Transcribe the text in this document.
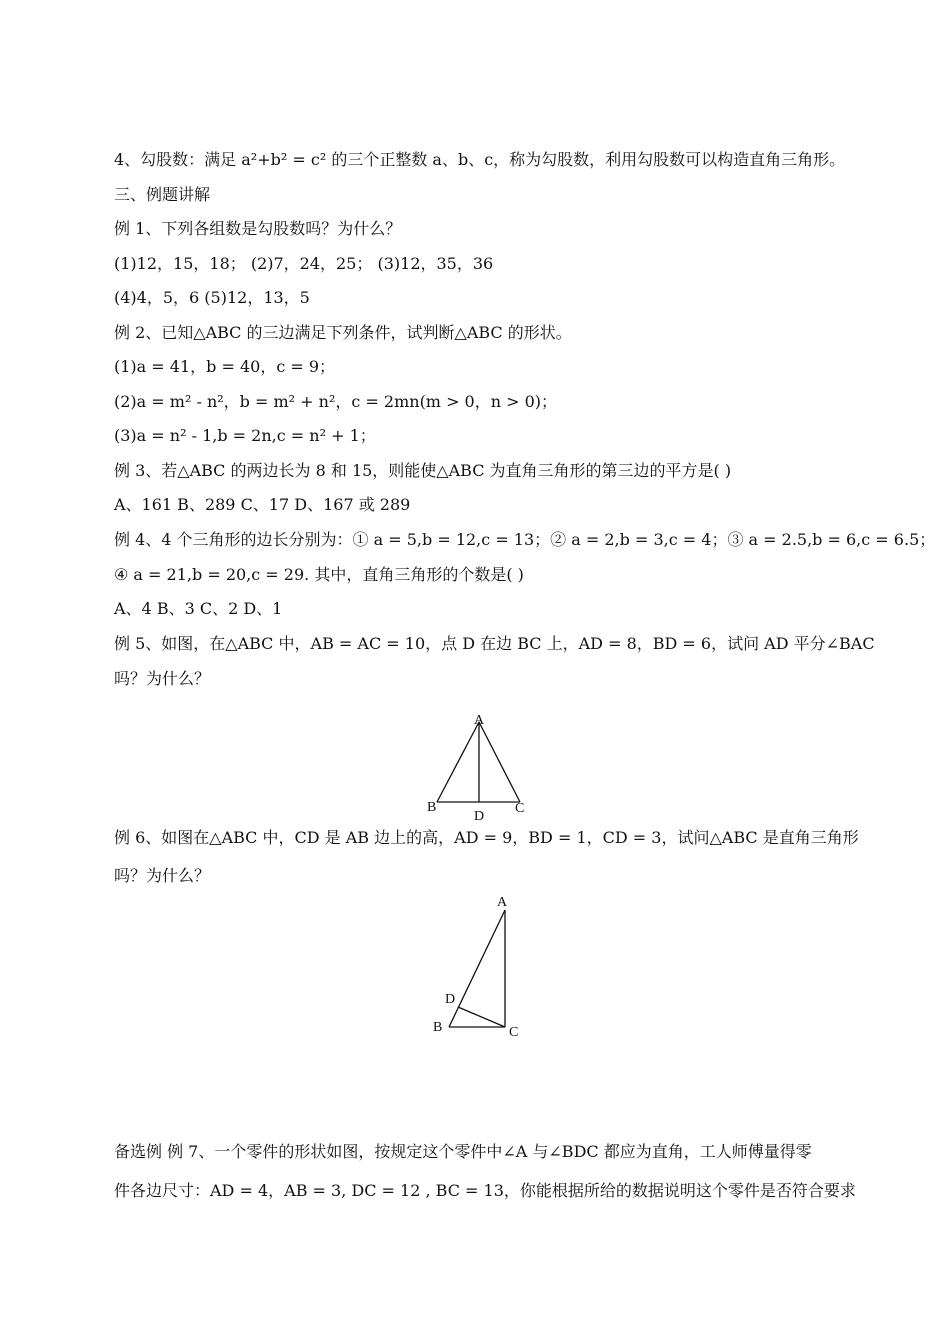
4、勾股数：满足 a²+b² = c² 的三个正整数 a、b、c，称为勾股数，利用勾股数可以构造直角三角形。
三、例题讲解
例 1、下列各组数是勾股数吗？为什么？
(1)12，15，18； (2)7，24，25； (3)12，35，36
(4)4，5，6 (5)12，13，5
例 2、已知△ABC 的三边满足下列条件，试判断△ABC 的形状。
(1)a = 41，b = 40，c = 9；
(2)a = m² - n²，b = m² + n²，c = 2mn(m > 0，n > 0)；
(3)a = n² - 1,b = 2n,c = n² + 1；
例 3、若△ABC 的两边长为 8 和 15，则能使△ABC 为直角三角形的第三边的平方是( )
A、161 B、289 C、17 D、167 或 289
例 4、4 个三角形的边长分别为：① a = 5,b = 12,c = 13；② a = 2,b = 3,c = 4；③ a = 2.5,b = 6,c = 6.5；
④ a = 21,b = 20,c = 29. 其中，直角三角形的个数是( )
A、4 B、3 C、2 D、1
例 5、如图，在△ABC 中，AB = AC = 10，点 D 在边 BC 上，AD = 8，BD = 6，试问 AD 平分∠BAC
吗？为什么？
A
B	C
D
例 6、如图在△ABC 中，CD 是 AB 边上的高，AD = 9，BD = 1，CD = 3，试问△ABC 是直角三角形
吗？为什么？
A
D
B	C
备选例 例 7、一个零件的形状如图，按规定这个零件中∠A 与∠BDC 都应为直角，工人师傅量得零
件各边尺寸：AD = 4，AB = 3, DC = 12 , BC = 13，你能根据所给的数据说明这个零件是否符合要求
